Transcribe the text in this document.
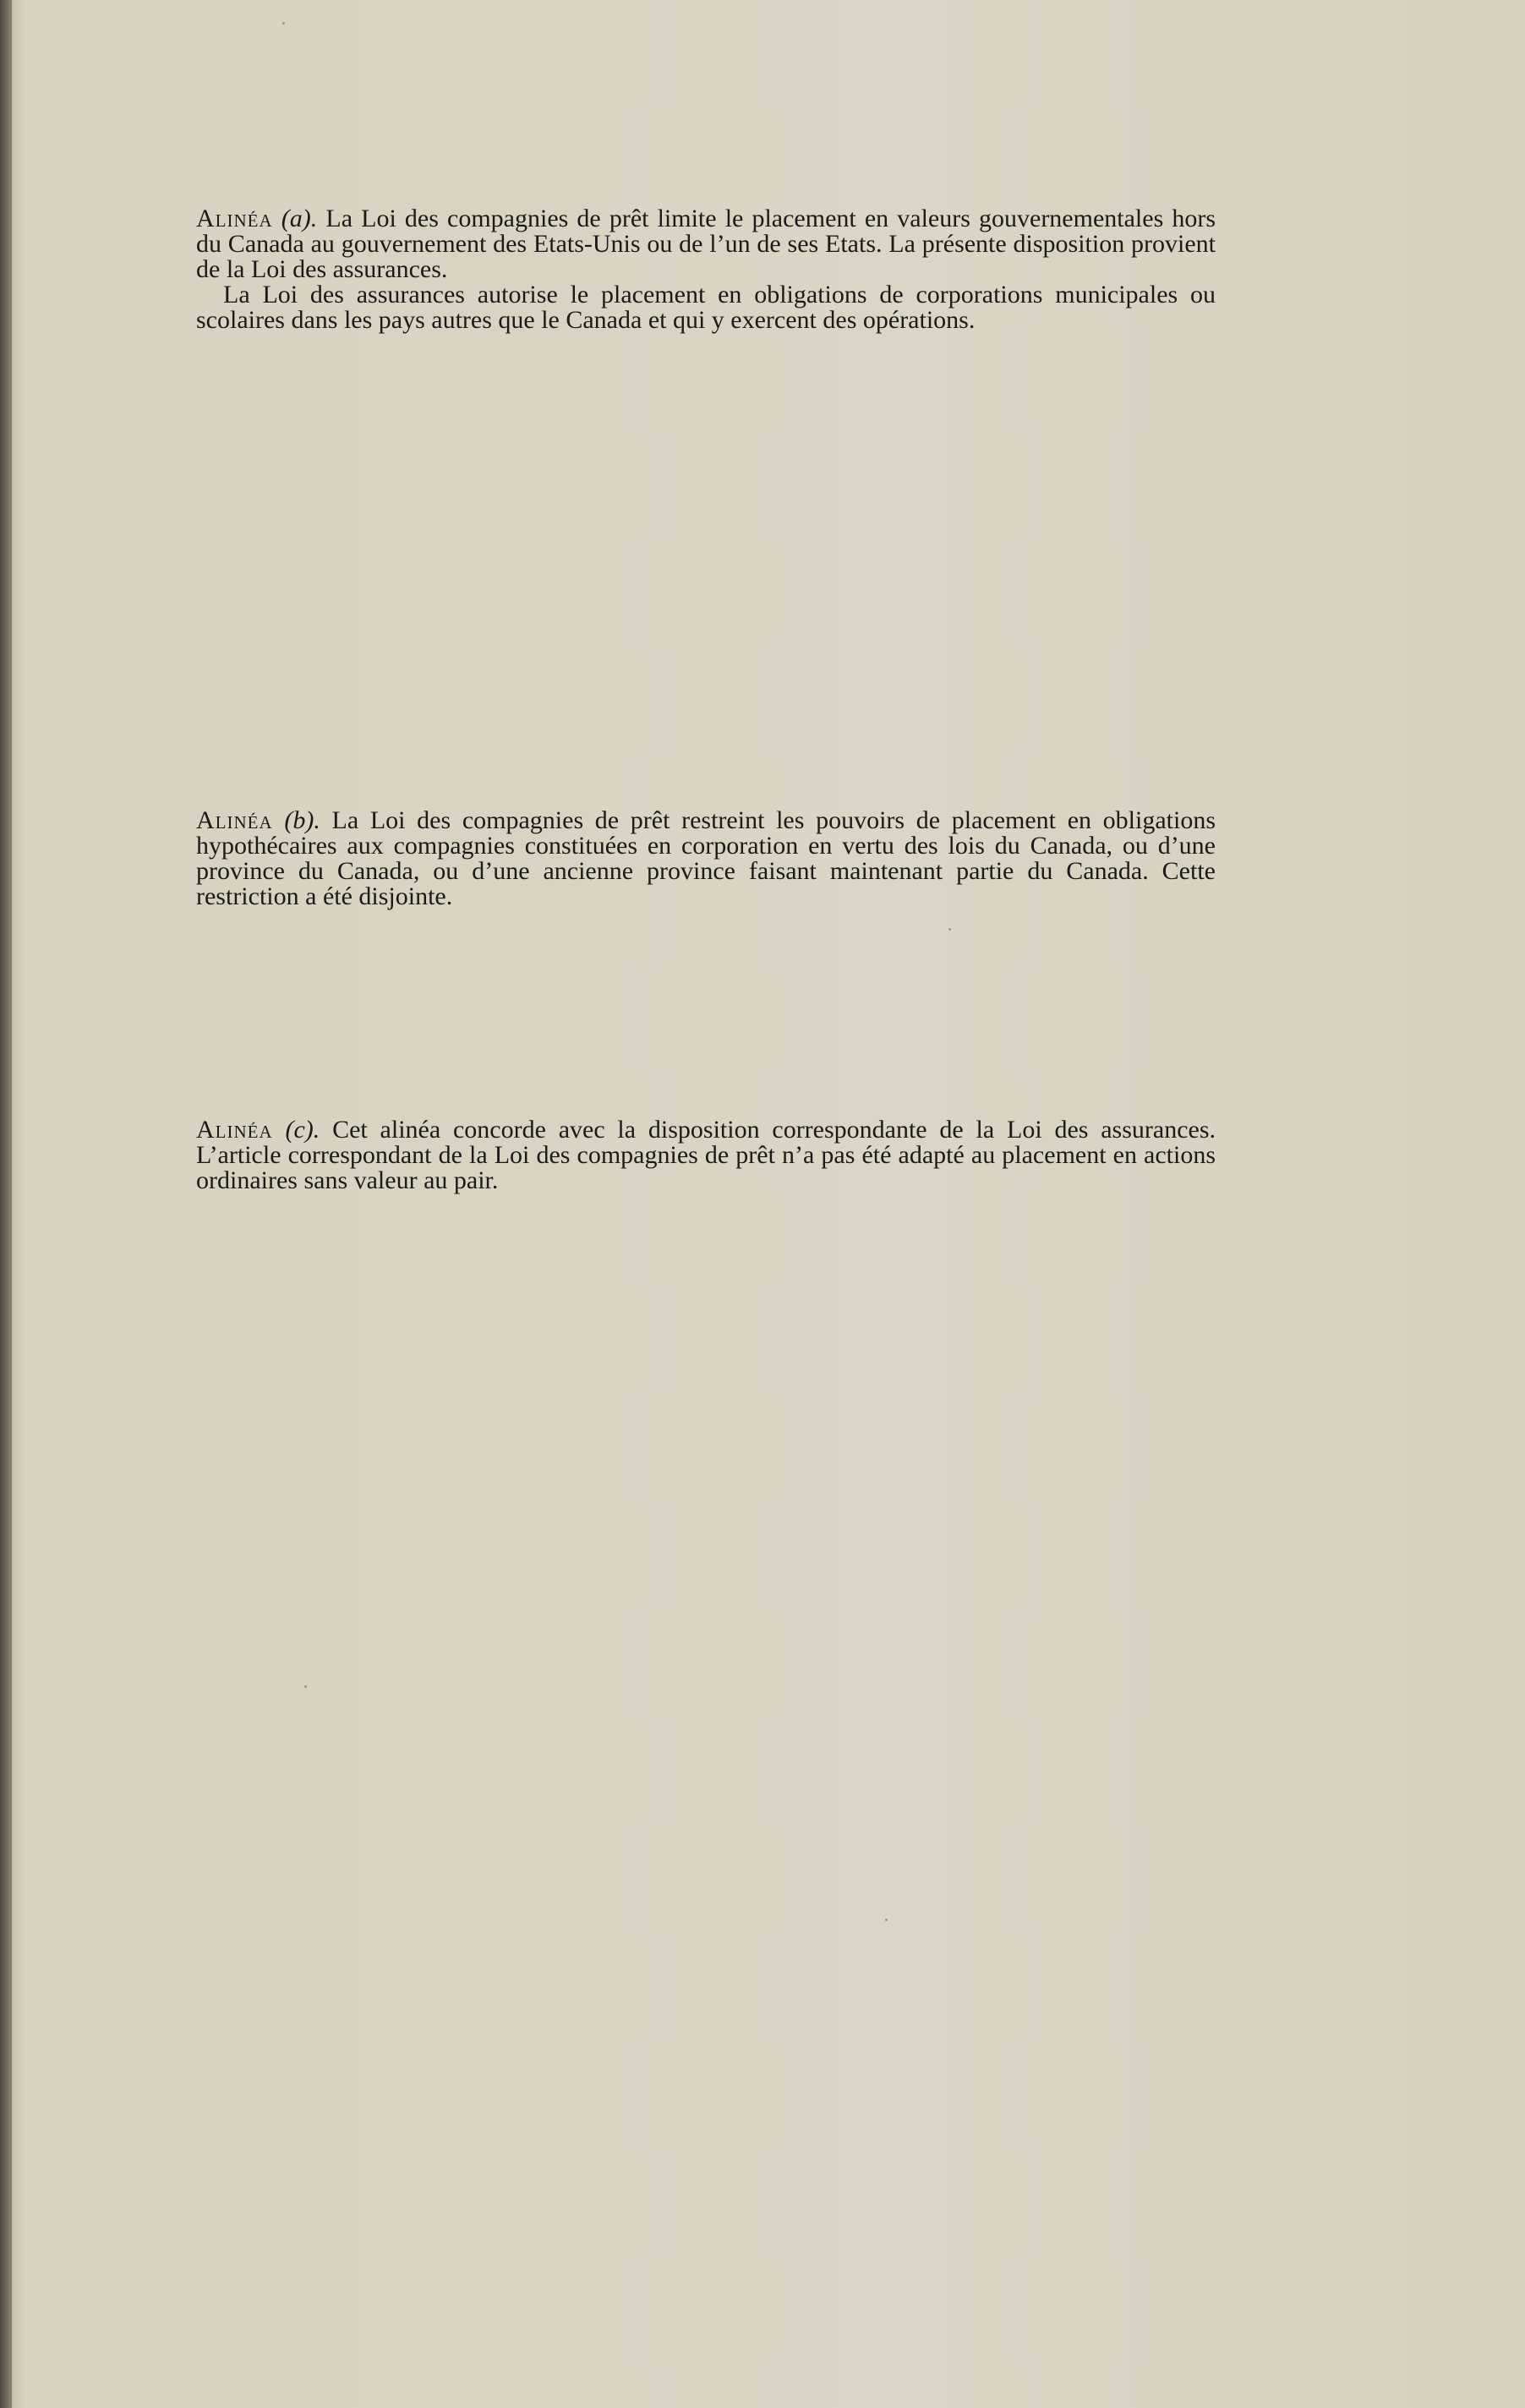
Alinéa (a). La Loi des compagnies de prêt limite le placement en valeurs gouvernementales hors du Canada au gouvernement des Etats-Unis ou de l’un de ses Etats. La présente disposition provient de la Loi des assurances.

La Loi des assurances autorise le placement en obligations de corporations municipales ou scolaires dans les pays autres que le Canada et qui y exercent des opérations.

Alinéa (b). La Loi des compagnies de prêt restreint les pouvoirs de placement en obligations hypothécaires aux compagnies constituées en corporation en vertu des lois du Canada, ou d’une province du Canada, ou d’une ancienne province faisant maintenant partie du Canada. Cette restriction a été disjointe.

Alinéa (c). Cet alinéa concorde avec la disposition correspondante de la Loi des assurances. L’article correspondant de la Loi des compagnies de prêt n’a pas été adapté au placement en actions ordinaires sans valeur au pair.
